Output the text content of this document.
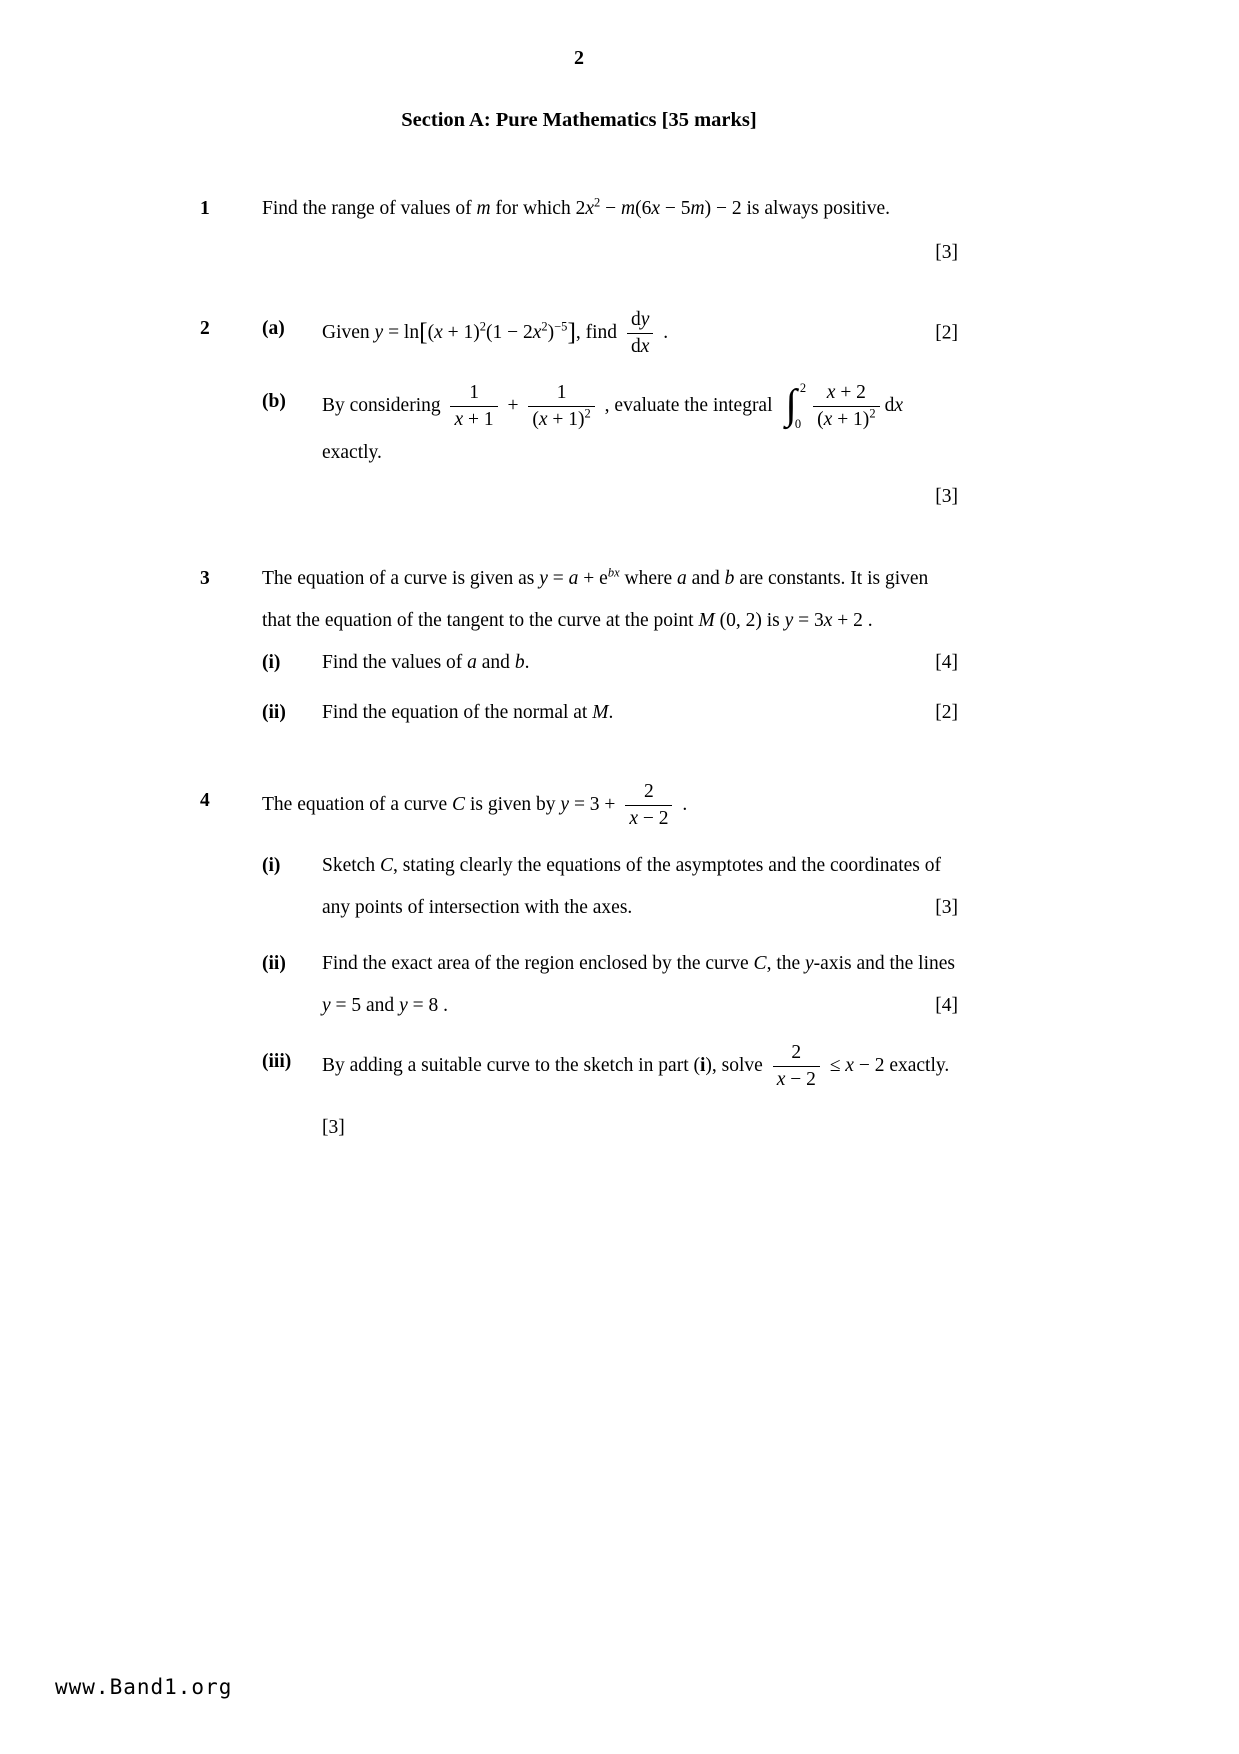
2
Section A: Pure Mathematics [35 marks]
1	Find the range of values of m for which $2x^2 - m(6x - 5m) - 2$ is always positive.

[3]
2	(a)	Given $y = \ln[(x + 1)^2(1 - 2x^2)^{-5}]$, find $\frac{dy}{dx}$ .	[2]
(b)	By considering $\frac{1}{x + 1} + \frac{1}{(x + 1)^2}$ , evaluate the integral ∫ 2
$0 \frac{x + 2}{(x + 1)^2}$ dx exactly.

[3]
3	The equation of a curve is given as $y = a + e^{bx}$ where a and b are constants. It is given that the equation of the tangent to the curve at the point M (0, 2) is y = 3x + 2 .

(i)	Find the values of a and b.	[4]
(ii)	Find the equation of the normal at M.	[2]
4	The equation of a curve C is given by $y = 3 + \frac{2}{x - 2}$ .

(i)	Sketch C, stating clearly the equations of the asymptotes and the coordinates of any points of intersection with the axes.	[3]
(ii)	Find the exact area of the region enclosed by the curve C, the y-axis and the lines y = 5 and y = 8 .	[4]
(iii)	By adding a suitable curve to the sketch in part (i), solve $\frac{2}{x - 2} \le x - 2$ exactly.

[3]
www.Band1.org
